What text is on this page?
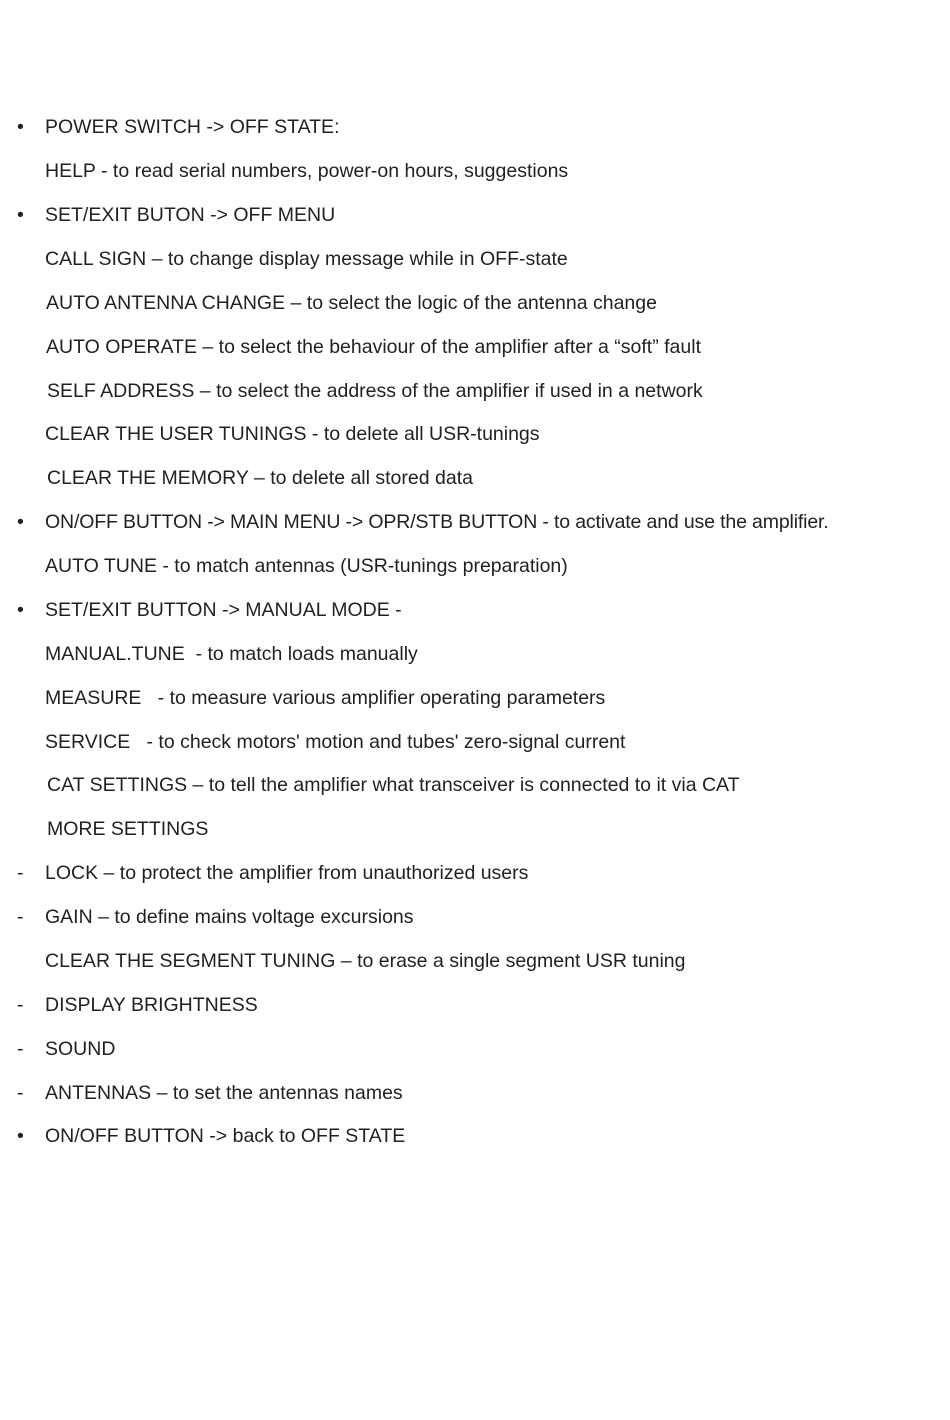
•	POWER SWITCH -> OFF STATE:
HELP - to read serial numbers, power-on hours, suggestions
•	SET/EXIT BUTON -> OFF MENU
CALL SIGN – to change display message while in OFF-state
AUTO ANTENNA CHANGE – to select the logic of the antenna change
AUTO OPERATE – to select the behaviour of the amplifier after a “soft” fault
SELF ADDRESS – to select the address of the amplifier if used in a network
CLEAR THE USER TUNINGS - to delete all USR-tunings
CLEAR THE MEMORY – to delete all stored data
•	ON/OFF BUTTON -> MAIN MENU -> OPR/STB BUTTON - to activate and use the amplifier.
AUTO TUNE - to match antennas (USR-tunings preparation)
•	SET/EXIT BUTTON -> MANUAL MODE -
MANUAL.TUNE  - to match loads manually
MEASURE   - to measure various amplifier operating parameters
SERVICE   - to check motors' motion and tubes' zero-signal current
CAT SETTINGS – to tell the amplifier what transceiver is connected to it via CAT
MORE SETTINGS
-	LOCK – to protect the amplifier from unauthorized users
-	GAIN – to define mains voltage excursions
CLEAR THE SEGMENT TUNING – to erase a single segment USR tuning
-	DISPLAY BRIGHTNESS
-	SOUND
-	ANTENNAS – to set the antennas names
•	ON/OFF BUTTON -> back to OFF STATE
